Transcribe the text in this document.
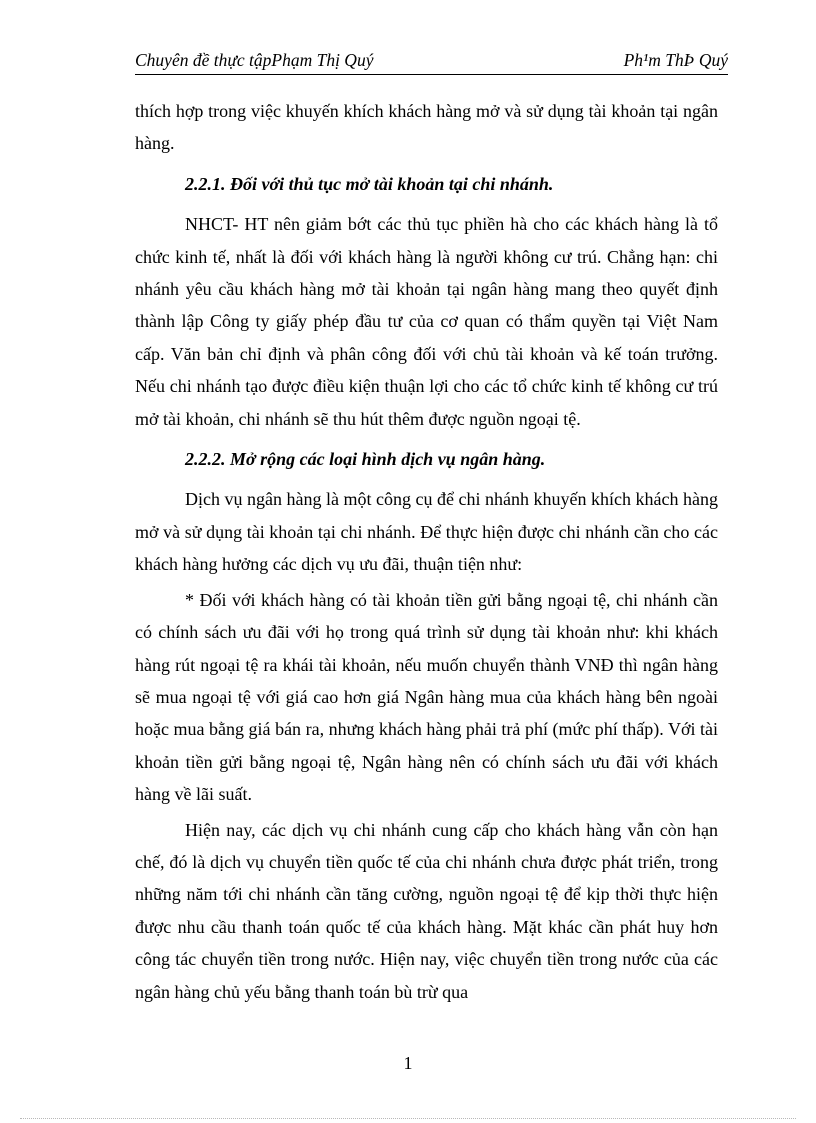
Chuyên đề thực tậpPhạm Thị Quý	Ph¹m ThÞ Quý

thích hợp trong việc khuyến khích khách hàng mở và sử dụng tài khoản tại ngân hàng.

2.2.1. Đối với thủ tục mở tài khoản tại chi nhánh.

NHCT- HT nên giảm bớt các thủ tục phiền hà cho các khách hàng là tổ chức kinh tế, nhất là đối với khách hàng là người không cư trú. Chẳng hạn: chi nhánh yêu cầu khách hàng mở tài khoản tại ngân hàng mang theo quyết định thành lập Công ty giấy phép đầu tư của cơ quan có thẩm quyền tại Việt Nam cấp. Văn bản chỉ định và phân công đối với chủ tài khoản và kế toán trưởng. Nếu chi nhánh tạo được điều kiện thuận lợi cho các tổ chức kinh tế không cư trú mở tài khoản, chi nhánh sẽ thu hút thêm được nguồn ngoại tệ.

2.2.2. Mở rộng các loại hình dịch vụ ngân hàng.

Dịch vụ ngân hàng là một công cụ để chi nhánh khuyến khích khách hàng mở và sử dụng tài khoản tại chi nhánh. Để thực hiện được chi nhánh cần cho các khách hàng hưởng các dịch vụ ưu đãi, thuận tiện như:

* Đối với khách hàng có tài khoản tiền gửi bằng ngoại tệ, chi nhánh cần có chính sách ưu đãi với họ trong quá trình sử dụng tài khoản như: khi khách hàng rút ngoại tệ ra khái tài khoản, nếu muốn chuyển thành VNĐ thì ngân hàng sẽ mua ngoại tệ với giá cao hơn giá Ngân hàng mua của khách hàng bên ngoài hoặc mua bằng giá bán ra, nhưng khách hàng phải trả phí (mức phí thấp). Với tài khoản tiền gửi bằng ngoại tệ, Ngân hàng nên có chính sách ưu đãi với khách hàng về lãi suất.

Hiện nay, các dịch vụ chi nhánh cung cấp cho khách hàng vẫn còn hạn chế, đó là dịch vụ chuyển tiền quốc tế của chi nhánh chưa được phát triển, trong những năm tới chi nhánh cần tăng cường, nguồn ngoại tệ để kịp thời thực hiện được nhu cầu thanh toán quốc tế của khách hàng. Mặt khác cần phát huy hơn công tác chuyển tiền trong nước. Hiện nay, việc chuyển tiền trong nước của các ngân hàng chủ yếu bằng thanh toán bù trừ qua

1
